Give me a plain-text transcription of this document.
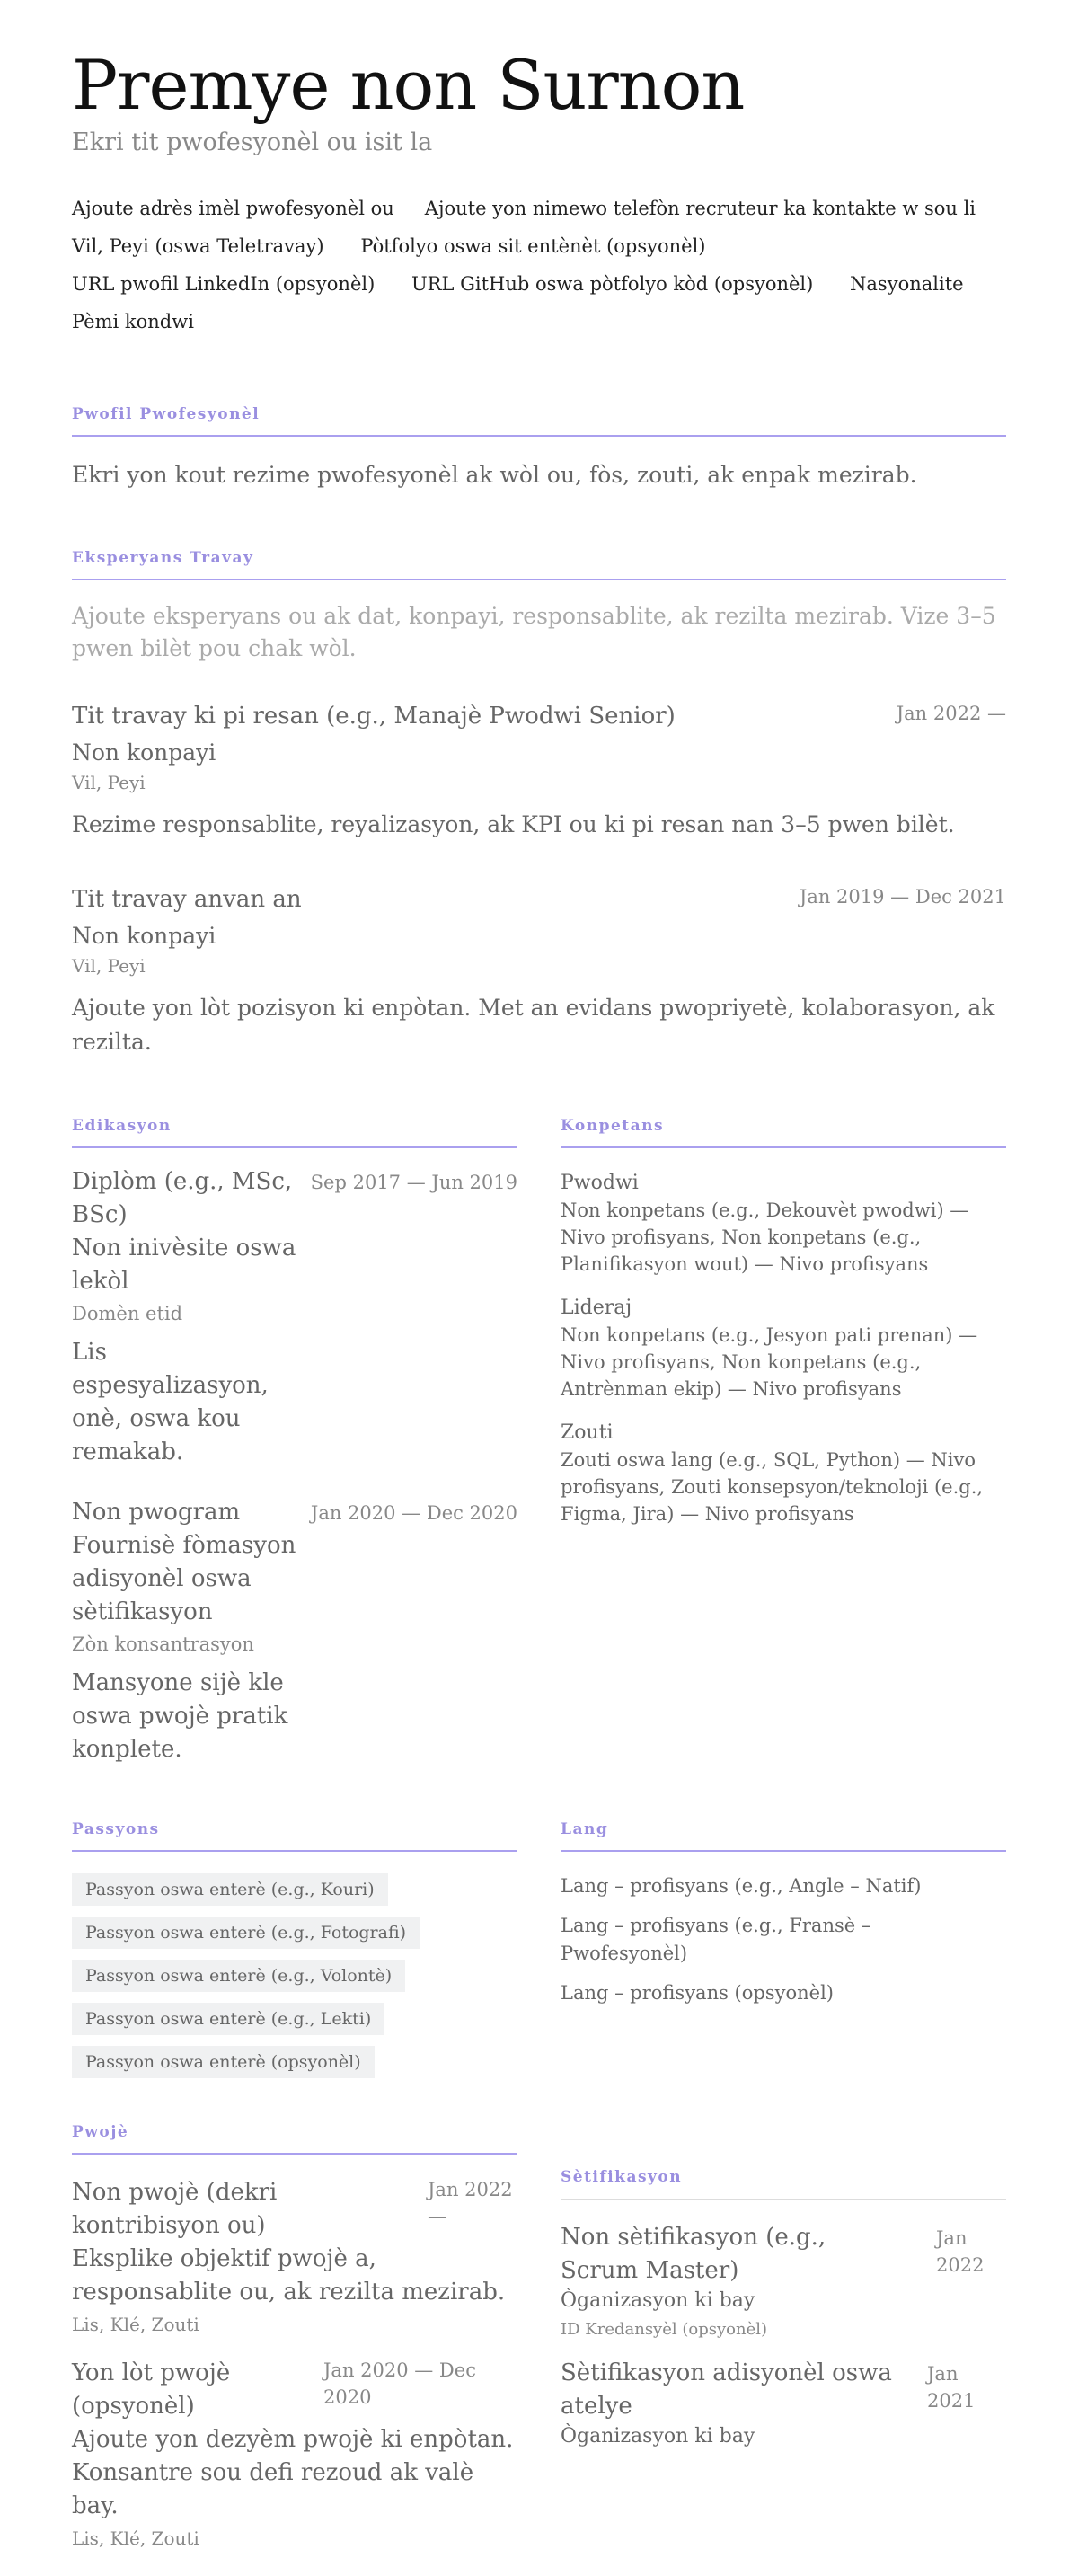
Premye non Surnon
Ekri tit pwofesyonèl ou isit la
Ajoute adrès imèl pwofesyonèl ou Ajoute yon nimewo telefòn recruteur ka kontakte w sou li Vil, Peyi (oswa Teletravay) Pòtfolyo oswa sit entènèt (opsyonèl) URL pwofil LinkedIn (opsyonèl) URL GitHub oswa pòtfolyo kòd (opsyonèl) Nasyonalite Pèmi kondwi
Pwofil Pwofesyonèl

Ekri yon kout rezime pwofesyonèl ak wòl ou, fòs, zouti, ak enpak mezirab.

Eksperyans Travay

Ajoute eksperyans ou ak dat, konpayi, responsablite, ak rezilta mezirab. Vize 3–5 pwen bilèt pou chak wòl.

Tit travay ki pi resan (e.g., Manajè Pwodwi Senior)	Jan 2022 —
Non konpayi
Vil, Peyi

Rezime responsablite, reyalizasyon, ak KPI ou ki pi resan nan 3–5 pwen bilèt.

Tit travay anvan an	Jan 2019 — Dec 2021
Non konpayi
Vil, Peyi

Ajoute yon lòt pozisyon ki enpòtan. Met an evidans pwopriyetè, kolaborasyon, ak rezilta.

Edikasyon
Diplòm (e.g., MSc, BSc)
Non inivèsite oswa lekòl
Domèn etid

Lis espesyalizasyon, onè, oswa kou remakab.

Sep 2017 — Jun 2019
Non pwogram
Fournisè fòmasyon adisyonèl oswa sètifikasyon
Zòn konsantrasyon

Mansyone sijè kle oswa pwojè pratik konplete.

Jan 2020 — Dec 2020
Konpetans
Pwodwi
Non konpetans (e.g., Dekouvèt pwodwi) — Nivo profisyans, Non konpetans (e.g., Planifikasyon wout) — Nivo profisyans
Lideraj
Non konpetans (e.g., Jesyon pati prenan) — Nivo profisyans, Non konpetans (e.g., Antrènman ekip) — Nivo profisyans
Zouti
Zouti oswa lang (e.g., SQL, Python) — Nivo profisyans, Zouti konsepsyon/teknoloji (e.g., Figma, Jira) — Nivo profisyans
Passyons
Passyon oswa enterè (e.g., Kouri)
Passyon oswa enterè (e.g., Fotografi)
Passyon oswa enterè (e.g., Volontè)
Passyon oswa enterè (e.g., Lekti)
Passyon oswa enterè (opsyonèl)
Lang
Lang – profisyans (e.g., Angle – Natif)
Lang – profisyans (e.g., Fransè – Pwofesyonèl)
Lang – profisyans (opsyonèl)
Pwojè
Non pwojè (dekri kontribisyon ou)
Jan 2022 —

Eksplike objektif pwojè a, responsablite ou, ak rezilta mezirab.

Lis, Klé, Zouti
Yon lòt pwojè (opsyonèl)
Jan 2020 — Dec 2020

Ajoute yon dezyèm pwojè ki enpòtan. Konsantre sou defi rezoud ak valè bay.

Lis, Klé, Zouti
Sètifikasyon
Non sètifikasyon (e.g., Scrum Master)
Jan 2022
Òganizasyon ki bay
ID Kredansyèl (opsyonèl)
Sètifikasyon adisyonèl oswa atelye
Jan 2021
Òganizasyon ki bay
